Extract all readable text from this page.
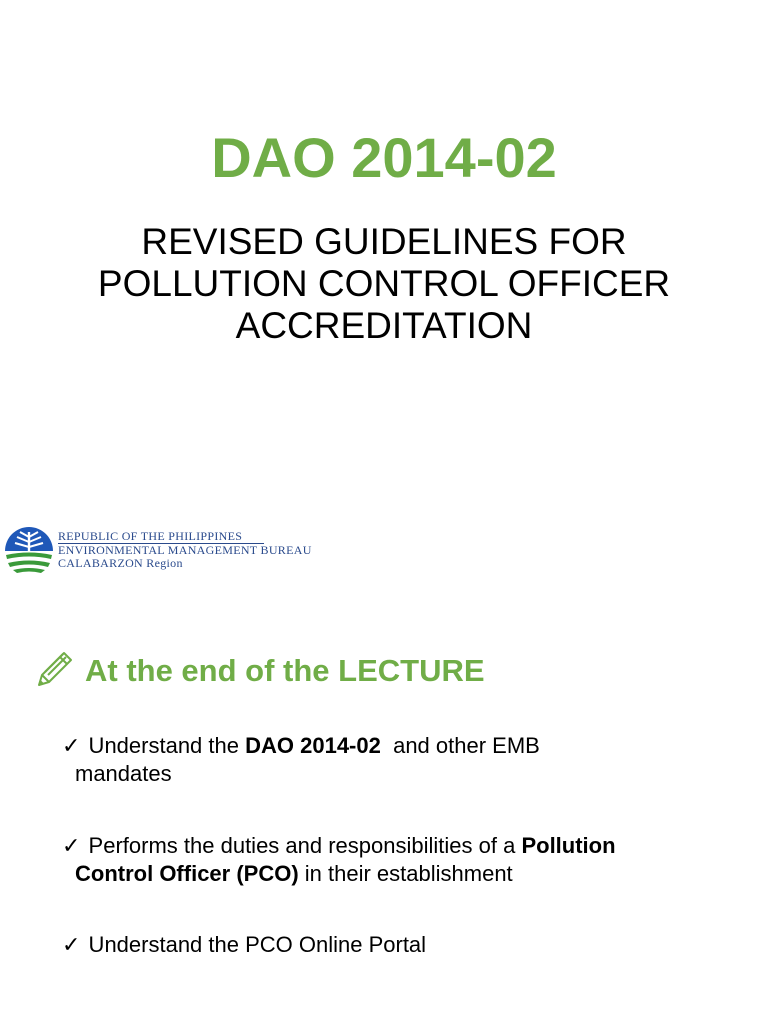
DAO 2014-02
REVISED GUIDELINES FOR
POLLUTION CONTROL OFFICER
ACCREDITATION
REPUBLIC OF THE PHILIPPINES
ENVIRONMENTAL MANAGEMENT BUREAU
CALABARZON Region
At the end of the LECTURE
✓ Understand the DAO 2014-02  and other EMB
mandates
✓ Performs the duties and responsibilities of a Pollution
Control Officer (PCO) in their establishment
✓ Understand the PCO Online Portal
